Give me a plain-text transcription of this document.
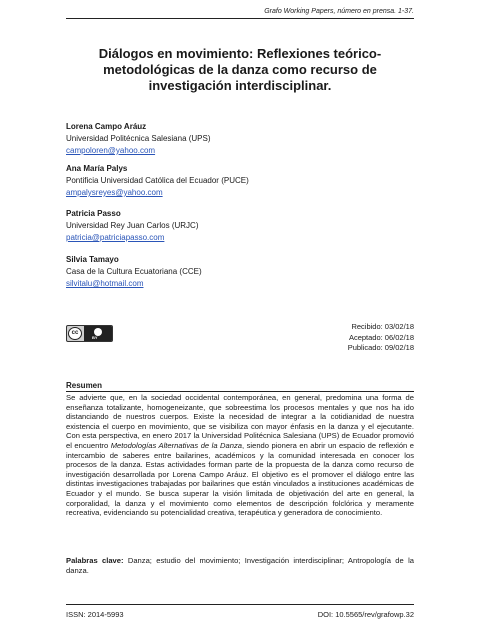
Grafo Working Papers, número en prensa. 1-37.
Diálogos en movimiento: Reflexiones teórico-metodológicas de la danza como recurso de investigación interdisciplinar.
Lorena Campo Aráuz
Universidad Politécnica Salesiana (UPS)
campoloren@yahoo.com
Ana María Palys
Pontificia Universidad Católica del Ecuador (PUCE)
ampalysreyes@yahoo.com
Patricia Passo
Universidad Rey Juan Carlos (URJC)
patricia@patriciapasso.com
Silvia Tamayo
Casa de la Cultura Ecuatoriana (CCE)
silvitalu@hotmail.com
cc
BY
Recibido: 03/02/18
Aceptado: 06/02/18
Publicado: 09/02/18
Resumen

Se advierte que, en la sociedad occidental contemporánea, en general, predomina una forma de enseñanza totalizante, homogeneizante, que sobreestima los procesos mentales y que nos ha ido distanciando de nuestros cuerpos. Existe la necesidad de integrar a la cotidianidad de nuestra existencia el cuerpo en movimiento, que se visibiliza con mayor énfasis en la danza y el ejecutante. Con esta perspectiva, en enero 2017 la Universidad Politécnica Salesiana (UPS) de Ecuador promovió el encuentro Metodologías Alternativas de la Danza, siendo pionera en abrir un espacio de reflexión e intercambio de saberes entre bailarines, académicos y la comunidad interesada en conocer los procesos de la danza. Estas actividades forman parte de la propuesta de la danza como recurso de investigación desarrollada por Lorena Campo Aráuz. El objetivo es el promover el diálogo entre las distintas investigaciones trabajadas por bailarines que están vinculados a instituciones académicas de Ecuador y el mundo. Se busca superar la visión limitada de objetivación del arte en general, la corporalidad, la danza y el movimiento como elementos de descripción folclórica y meramente recreativa, evidenciando su potencialidad creativa, terapéutica y generadora de conocimiento.

Palabras clave: Danza; estudio del movimiento; Investigación interdisciplinar; Antropología de la danza.

ISSN: 2014-5993	DOI: 10.5565/rev/grafowp.32
